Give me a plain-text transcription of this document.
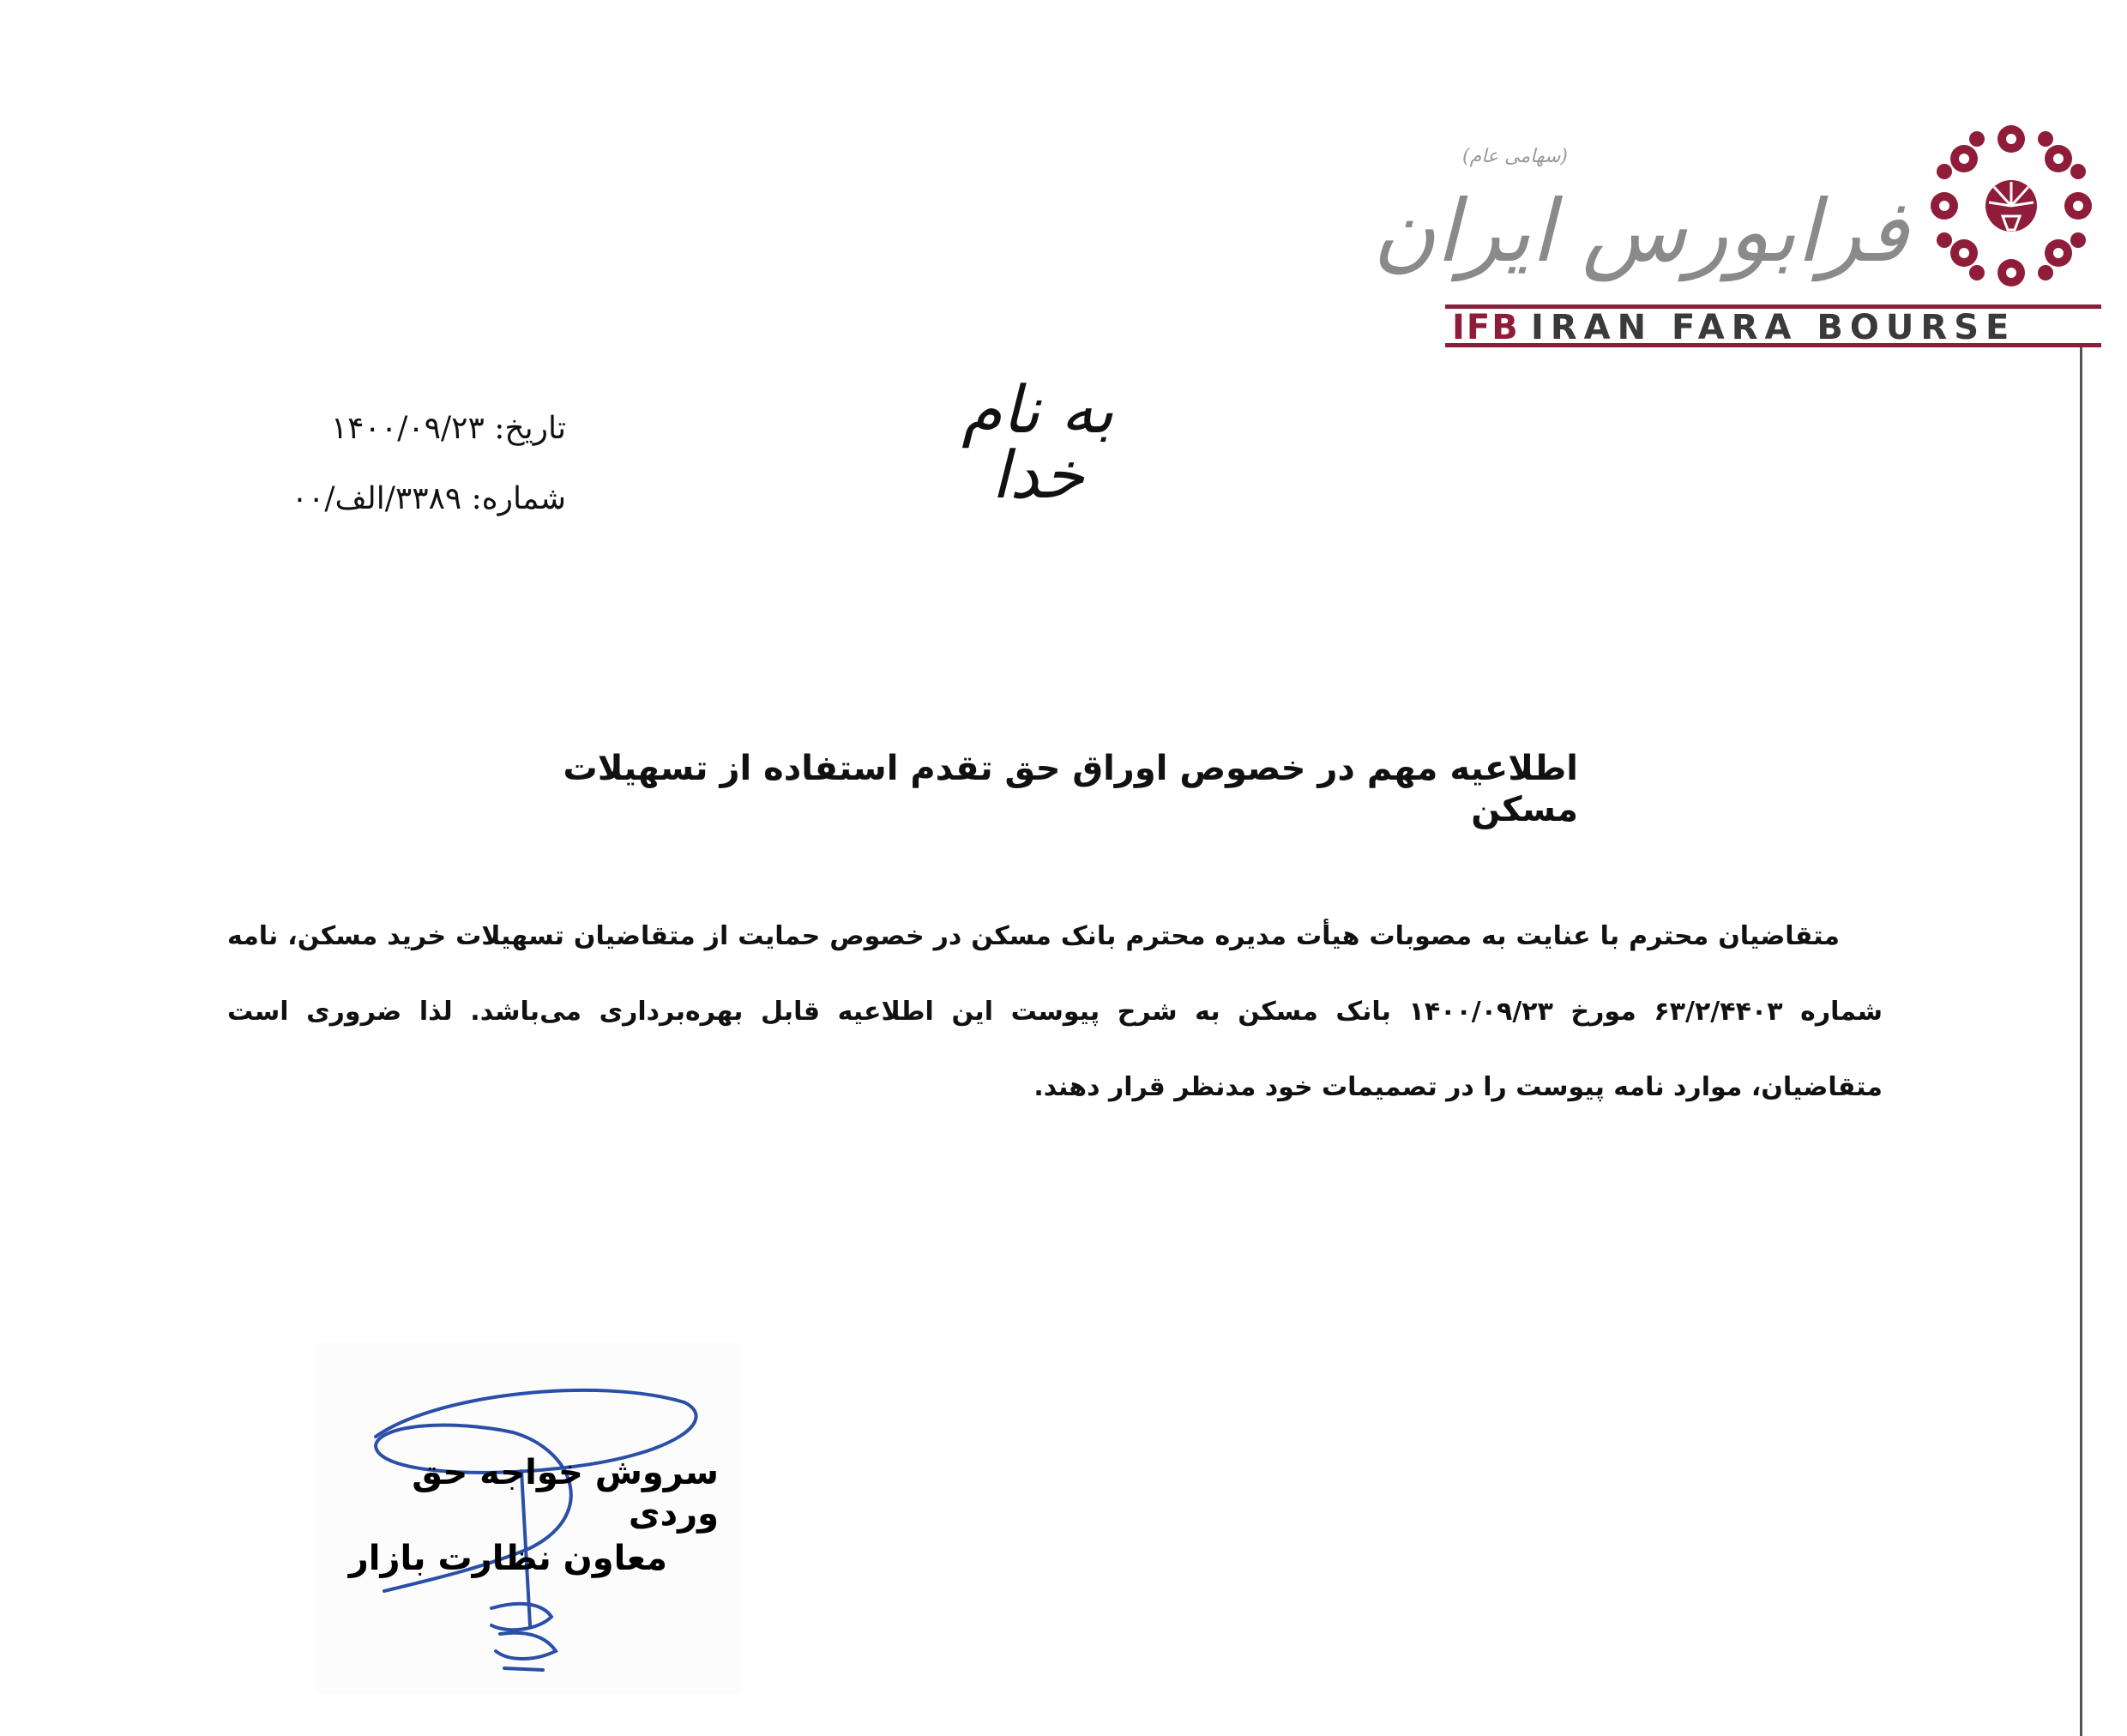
(سهامی عام)
فرابورس ایران
IFB IRAN FARA BOURSE
به نام خدا
تاریخ: ۱۴۰۰/۰۹/۲۳
شماره: ۳۳۸۹/الف/۰۰
اطلاعیه مهم در خصوص اوراق حق تقدم استفاده از تسهیلات مسکن
متقاضیان محترم با عنایت به مصوبات هیأت مدیره محترم بانک مسکن در خصوص حمایت از متقاضیان تسهیلات خرید مسکن، نامه شماره ۶۳/۲/۴۴۰۳ مورخ ۱۴۰۰/۰۹/۲۳ بانک مسکن به شرح پیوست این اطلاعیه قابل بهره‌برداری می‌باشد. لذا ضروری است متقاضیان، موارد نامه پیوست را در تصمیمات خود مدنظر قرار دهند.
سروش خواجه حق وردی
معاون نظارت بازار
